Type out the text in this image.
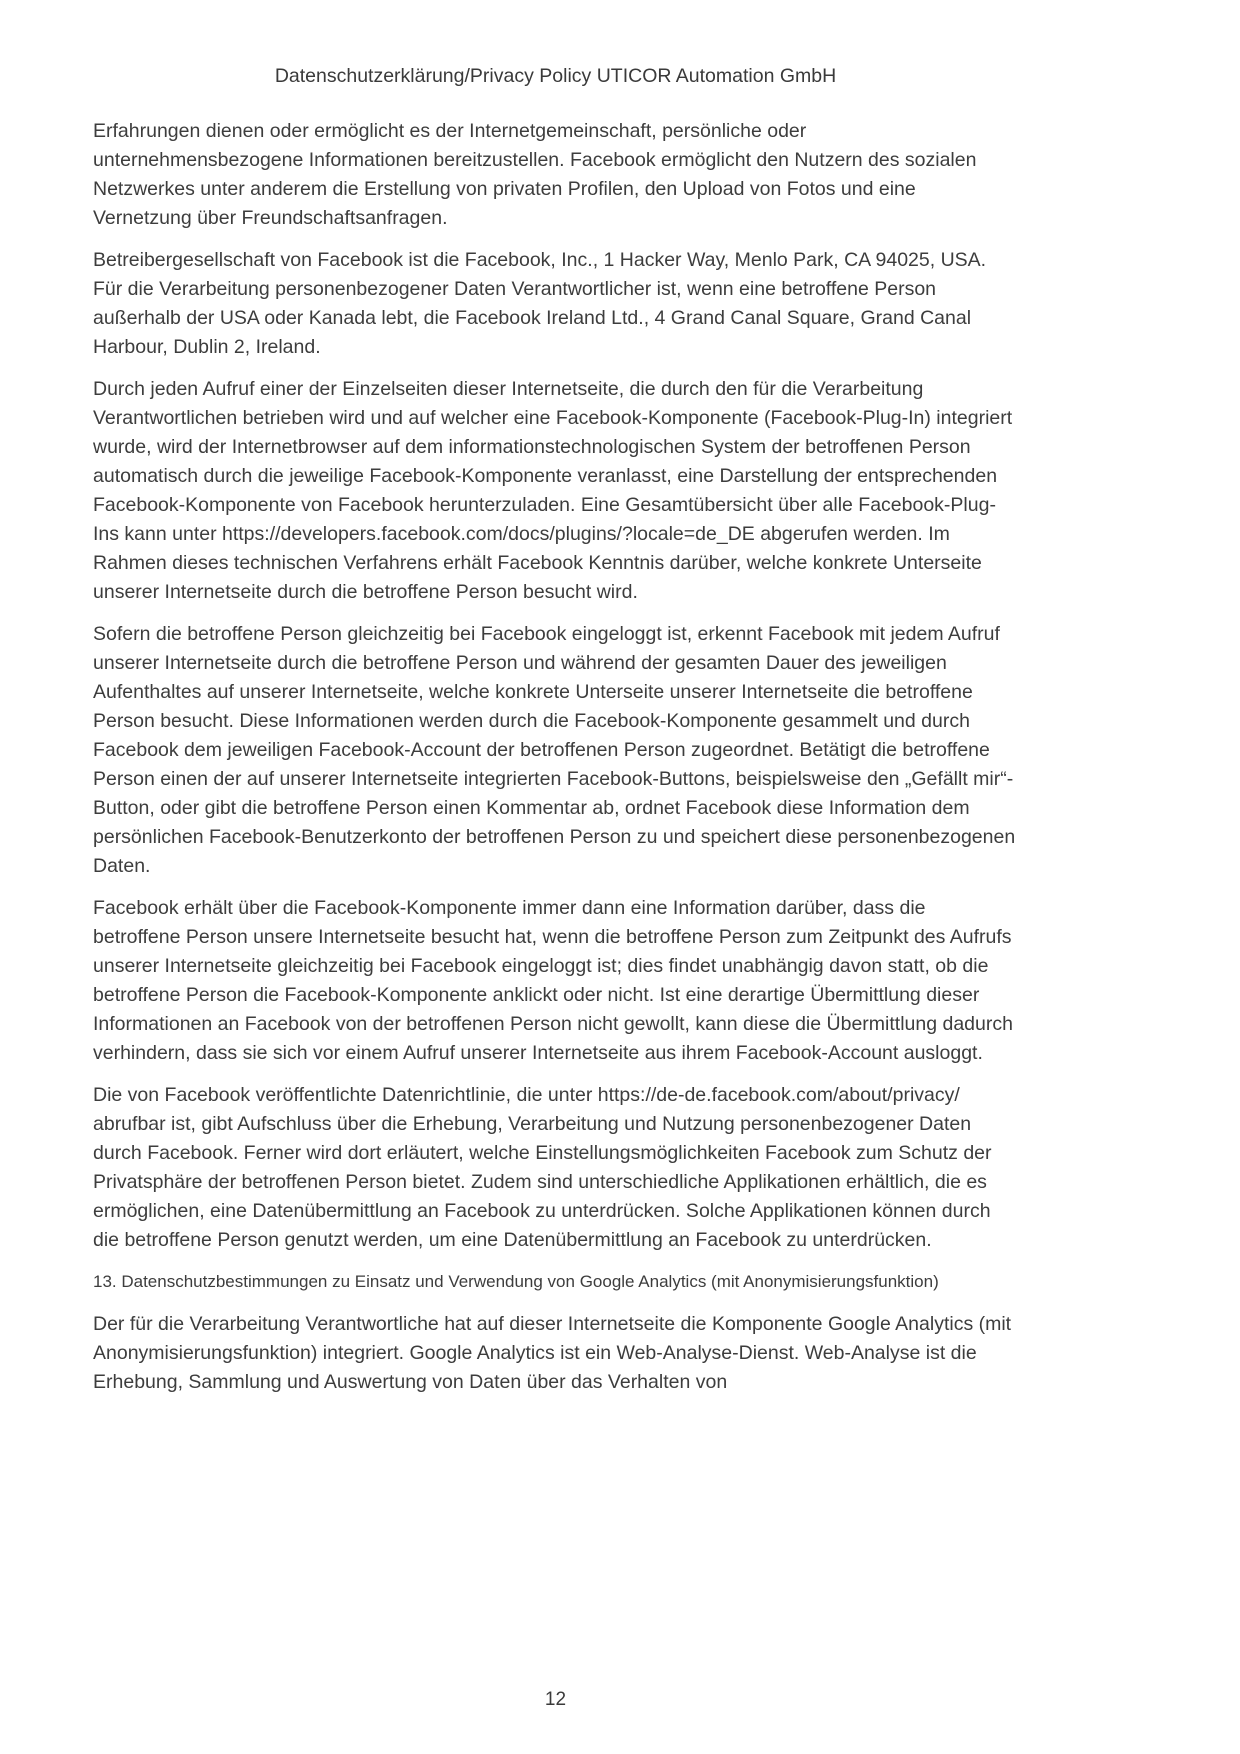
Datenschutzerklärung/Privacy Policy UTICOR Automation GmbH

Erfahrungen dienen oder ermöglicht es der Internetgemeinschaft, persönliche oder unternehmensbezogene Informationen bereitzustellen. Facebook ermöglicht den Nutzern des sozialen Netzwerkes unter anderem die Erstellung von privaten Profilen, den Upload von Fotos und eine Vernetzung über Freundschaftsanfragen.

Betreibergesellschaft von Facebook ist die Facebook, Inc., 1 Hacker Way, Menlo Park, CA 94025, USA. Für die Verarbeitung personenbezogener Daten Verantwortlicher ist, wenn eine betroffene Person außerhalb der USA oder Kanada lebt, die Facebook Ireland Ltd., 4 Grand Canal Square, Grand Canal Harbour, Dublin 2, Ireland.

Durch jeden Aufruf einer der Einzelseiten dieser Internetseite, die durch den für die Verarbeitung Verantwortlichen betrieben wird und auf welcher eine Facebook-Komponente (Facebook-Plug-In) integriert wurde, wird der Internetbrowser auf dem informationstechnologischen System der betroffenen Person automatisch durch die jeweilige Facebook-Komponente veranlasst, eine Darstellung der entsprechenden Facebook-Komponente von Facebook herunterzuladen. Eine Gesamtübersicht über alle Facebook-Plug-Ins kann unter https://developers.facebook.com/docs/plugins/?locale=de_DE abgerufen werden. Im Rahmen dieses technischen Verfahrens erhält Facebook Kenntnis darüber, welche konkrete Unterseite unserer Internetseite durch die betroffene Person besucht wird.

Sofern die betroffene Person gleichzeitig bei Facebook eingeloggt ist, erkennt Facebook mit jedem Aufruf unserer Internetseite durch die betroffene Person und während der gesamten Dauer des jeweiligen Aufenthaltes auf unserer Internetseite, welche konkrete Unterseite unserer Internetseite die betroffene Person besucht. Diese Informationen werden durch die Facebook-Komponente gesammelt und durch Facebook dem jeweiligen Facebook-Account der betroffenen Person zugeordnet. Betätigt die betroffene Person einen der auf unserer Internetseite integrierten Facebook-Buttons, beispielsweise den „Gefällt mir“-Button, oder gibt die betroffene Person einen Kommentar ab, ordnet Facebook diese Information dem persönlichen Facebook-Benutzerkonto der betroffenen Person zu und speichert diese personenbezogenen Daten.

Facebook erhält über die Facebook-Komponente immer dann eine Information darüber, dass die betroffene Person unsere Internetseite besucht hat, wenn die betroffene Person zum Zeitpunkt des Aufrufs unserer Internetseite gleichzeitig bei Facebook eingeloggt ist; dies findet unabhängig davon statt, ob die betroffene Person die Facebook-Komponente anklickt oder nicht. Ist eine derartige Übermittlung dieser Informationen an Facebook von der betroffenen Person nicht gewollt, kann diese die Übermittlung dadurch verhindern, dass sie sich vor einem Aufruf unserer Internetseite aus ihrem Facebook-Account ausloggt.

Die von Facebook veröffentlichte Datenrichtlinie, die unter https://de-de.facebook.com/about/privacy/ abrufbar ist, gibt Aufschluss über die Erhebung, Verarbeitung und Nutzung personenbezogener Daten durch Facebook. Ferner wird dort erläutert, welche Einstellungsmöglichkeiten Facebook zum Schutz der Privatsphäre der betroffenen Person bietet. Zudem sind unterschiedliche Applikationen erhältlich, die es ermöglichen, eine Datenübermittlung an Facebook zu unterdrücken. Solche Applikationen können durch die betroffene Person genutzt werden, um eine Datenübermittlung an Facebook zu unterdrücken.

13. Datenschutzbestimmungen zu Einsatz und Verwendung von Google Analytics (mit Anonymisierungsfunktion)

Der für die Verarbeitung Verantwortliche hat auf dieser Internetseite die Komponente Google Analytics (mit Anonymisierungsfunktion) integriert. Google Analytics ist ein Web-Analyse-Dienst. Web-Analyse ist die Erhebung, Sammlung und Auswertung von Daten über das Verhalten von

12
